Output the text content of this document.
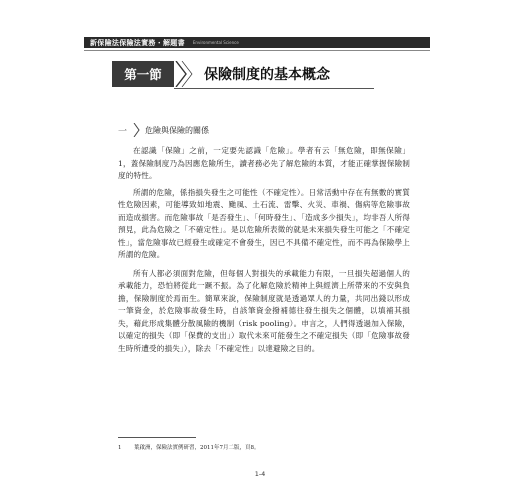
新保險法保險法實務・解題書 Environmental Science
第一節	保險制度的基本概念
一 危險與保險的關係

在認識「保險」之前，一定要先認識「危險」。學者有云「無危險，即無保險」1，蓋保險制度乃為因應危險所生，讀者務必先了解危險的本質，才能正確掌握保險制度的特性。

所謂的危險，係指損失發生之可能性（不確定性）。日常活動中存在有無數的實質性危險因素，可能導致如地震、颱風、土石流、雷擊、火災、車禍、傷病等危險事故而造成損害。而危險事故「是否發生」、「何時發生」、「造成多少損失」，均非吾人所得預見，此為危險之「不確定性」。是以危險所表徵的就是未來損失發生可能之「不確定性」，當危險事故已經發生或確定不會發生，因已不具備不確定性，而不再為保險學上所謂的危險。

所有人都必須面對危險，但每個人對損失的承載能力有限，一旦損失超過個人的承載能力，恐怕將從此一蹶不振。為了化解危險於精神上與經濟上所帶來的不安與負擔，保險制度於焉而生。簡單來說，保險制度就是透過眾人的力量，共同出錢以形成一筆資金，於危險事故發生時，自該筆資金撥補德往發生損失之個體，以填補其損失，藉此形成集體分散風險的機制（risk pooling）。申言之，人們得透過加入保險，以確定的損失（即「保費的支出」）取代未來可能發生之不確定損失（即「危險事故發生時所遭受的損失」），除去「不確定性」以達避險之目的。

1 葉啟洲，保險法實例研習，2011年7月二版，頁8。
1-4
